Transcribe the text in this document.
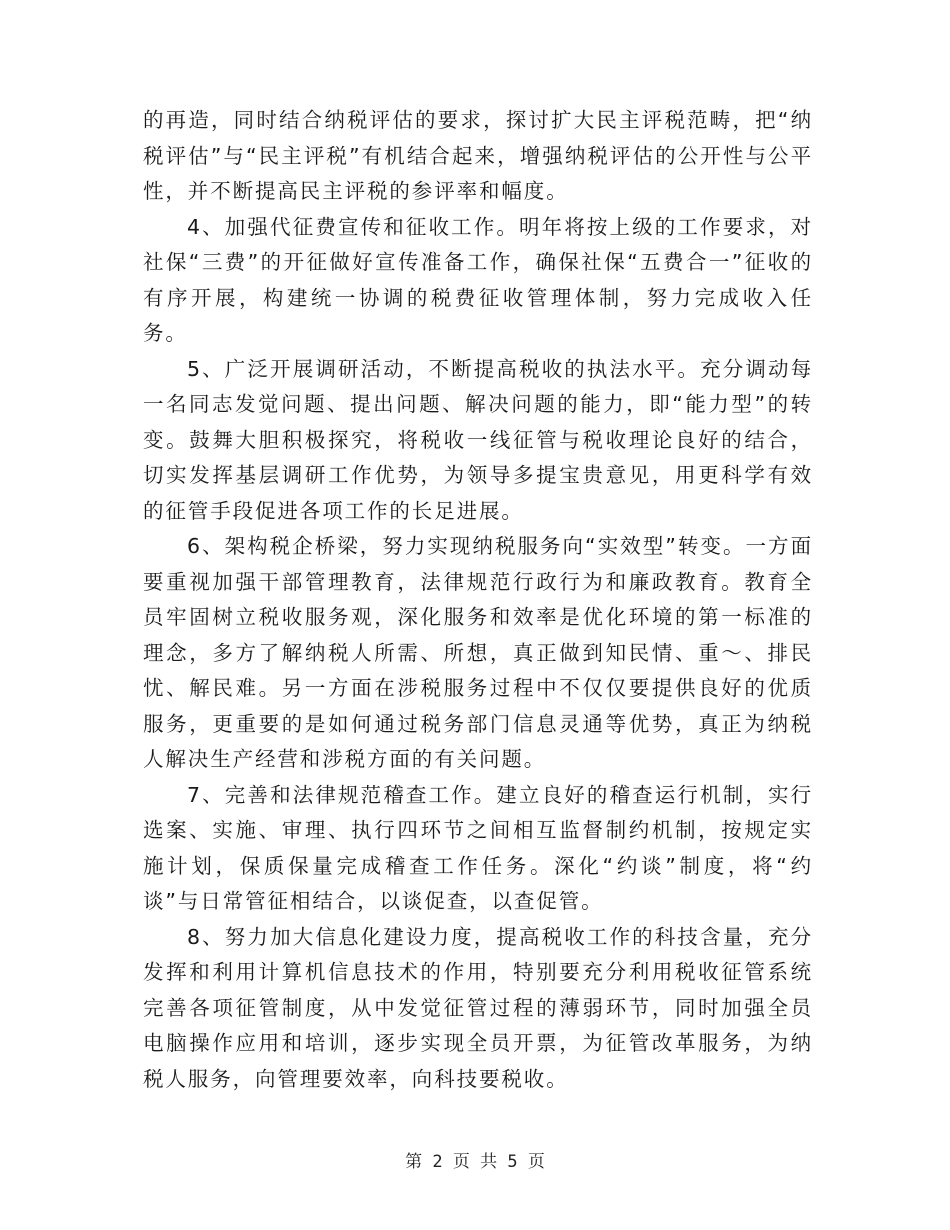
的再造，同时结合纳税评估的要求，探讨扩大民主评税范畴，把“纳税评估”与“民主评税”有机结合起来，增强纳税评估的公开性与公平性，并不断提高民主评税的参评率和幅度。

4、加强代征费宣传和征收工作。明年将按上级的工作要求，对社保“三费”的开征做好宣传准备工作，确保社保“五费合一”征收的有序开展，构建统一协调的税费征收管理体制，努力完成收入任务。

5、广泛开展调研活动，不断提高税收的执法水平。充分调动每一名同志发觉问题、提出问题、解决问题的能力，即“能力型”的转变。鼓舞大胆积极探究，将税收一线征管与税收理论良好的结合，切实发挥基层调研工作优势，为领导多提宝贵意见，用更科学有效的征管手段促进各项工作的长足进展。

6、架构税企桥梁，努力实现纳税服务向“实效型”转变。一方面要重视加强干部管理教育，法律规范行政行为和廉政教育。教育全员牢固树立税收服务观，深化服务和效率是优化环境的第一标准的理念，多方了解纳税人所需、所想，真正做到知民情、重～、排民忧、解民难。另一方面在涉税服务过程中不仅仅要提供良好的优质服务，更重要的是如何通过税务部门信息灵通等优势，真正为纳税人解决生产经营和涉税方面的有关问题。

7、完善和法律规范稽查工作。建立良好的稽查运行机制，实行选案、实施、审理、执行四环节之间相互监督制约机制，按规定实施计划，保质保量完成稽查工作任务。深化“约谈”制度，将“约谈”与日常管征相结合，以谈促查，以查促管。

8、努力加大信息化建设力度，提高税收工作的科技含量，充分发挥和利用计算机信息技术的作用，特别要充分利用税收征管系统完善各项征管制度，从中发觉征管过程的薄弱环节，同时加强全员电脑操作应用和培训，逐步实现全员开票，为征管改革服务，为纳税人服务，向管理要效率，向科技要税收。

第 2 页 共 5 页
